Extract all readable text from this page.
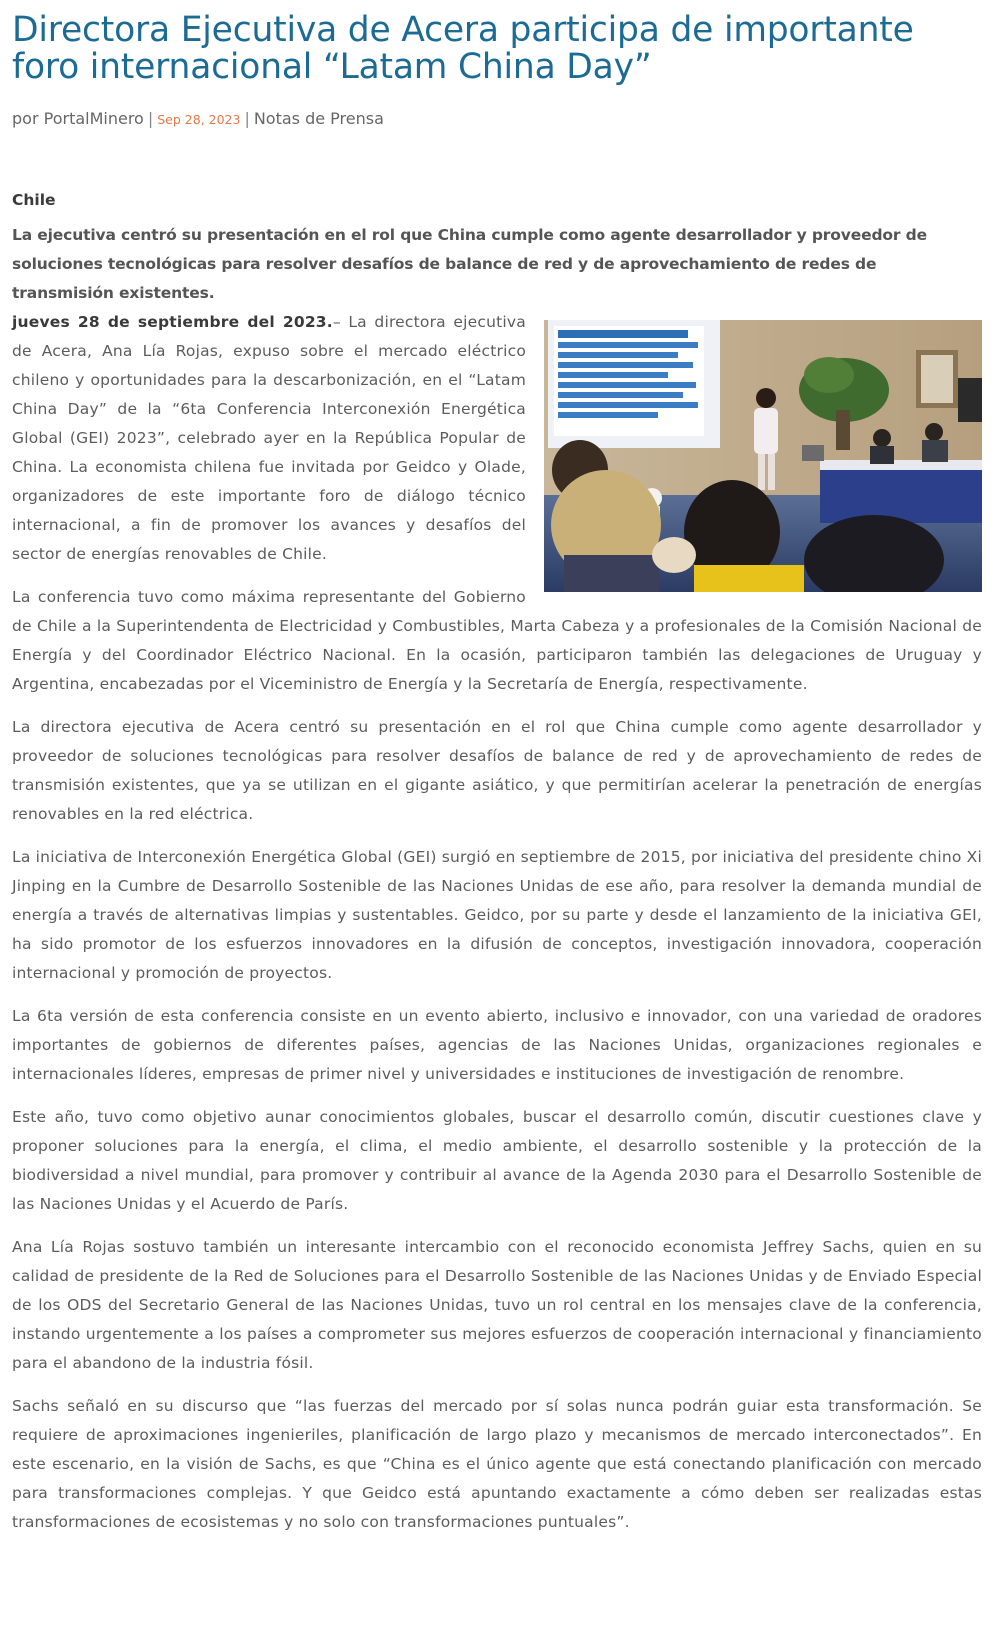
Directora Ejecutiva de Acera participa de importante foro internacional “Latam China Day”
por PortalMinero | Sep 28, 2023 | Notas de Prensa
Chile
La ejecutiva centró su presentación en el rol que China cumple como agente desarrollador y proveedor de soluciones tecnológicas para resolver desafíos de balance de red y de aprovechamiento de redes de transmisión existentes.

jueves 28 de septiembre del 2023.– La directora ejecutiva de Acera, Ana Lía Rojas, expuso sobre el mercado eléctrico chileno y oportunidades para la descarbonización, en el “Latam China Day” de la “6ta Conferencia Interconexión Energética Global (GEI) 2023”, celebrado ayer en la República Popular de China. La economista chilena fue invitada por Geidco y Olade, organizadores de este importante foro de diálogo técnico internacional, a fin de promover los avances y desafíos del sector de energías renovables de Chile.

La conferencia tuvo como máxima representante del Gobierno de Chile a la Superintendenta de Electricidad y Combustibles, Marta Cabeza y a profesionales de la Comisión Nacional de Energía y del Coordinador Eléctrico Nacional. En la ocasión, participaron también las delegaciones de Uruguay y Argentina, encabezadas por el Viceministro de Energía y la Secretaría de Energía, respectivamente.

La directora ejecutiva de Acera centró su presentación en el rol que China cumple como agente desarrollador y proveedor de soluciones tecnológicas para resolver desafíos de balance de red y de aprovechamiento de redes de transmisión existentes, que ya se utilizan en el gigante asiático, y que permitirían acelerar la penetración de energías renovables en la red eléctrica.

La iniciativa de Interconexión Energética Global (GEI) surgió en septiembre de 2015, por iniciativa del presidente chino Xi Jinping en la Cumbre de Desarrollo Sostenible de las Naciones Unidas de ese año, para resolver la demanda mundial de energía a través de alternativas limpias y sustentables. Geidco, por su parte y desde el lanzamiento de la iniciativa GEI, ha sido promotor de los esfuerzos innovadores en la difusión de conceptos, investigación innovadora, cooperación internacional y promoción de proyectos.

La 6ta versión de esta conferencia consiste en un evento abierto, inclusivo e innovador, con una variedad de oradores importantes de gobiernos de diferentes países, agencias de las Naciones Unidas, organizaciones regionales e internacionales líderes, empresas de primer nivel y universidades e instituciones de investigación de renombre.

Este año, tuvo como objetivo aunar conocimientos globales, buscar el desarrollo común, discutir cuestiones clave y proponer soluciones para la energía, el clima, el medio ambiente, el desarrollo sostenible y la protección de la biodiversidad a nivel mundial, para promover y contribuir al avance de la Agenda 2030 para el Desarrollo Sostenible de las Naciones Unidas y el Acuerdo de París.

Ana Lía Rojas sostuvo también un interesante intercambio con el reconocido economista Jeffrey Sachs, quien en su calidad de presidente de la Red de Soluciones para el Desarrollo Sostenible de las Naciones Unidas y de Enviado Especial de los ODS del Secretario General de las Naciones Unidas, tuvo un rol central en los mensajes clave de la conferencia, instando urgentemente a los países a comprometer sus mejores esfuerzos de cooperación internacional y financiamiento para el abandono de la industria fósil.

Sachs señaló en su discurso que “las fuerzas del mercado por sí solas nunca podrán guiar esta transformación. Se requiere de aproximaciones ingenieriles, planificación de largo plazo y mecanismos de mercado interconectados”. En este escenario, en la visión de Sachs, es que “China es el único agente que está conectando planificación con mercado para transformaciones complejas. Y que Geidco está apuntando exactamente a cómo deben ser realizadas estas transformaciones de ecosistemas y no solo con transformaciones puntuales”.
